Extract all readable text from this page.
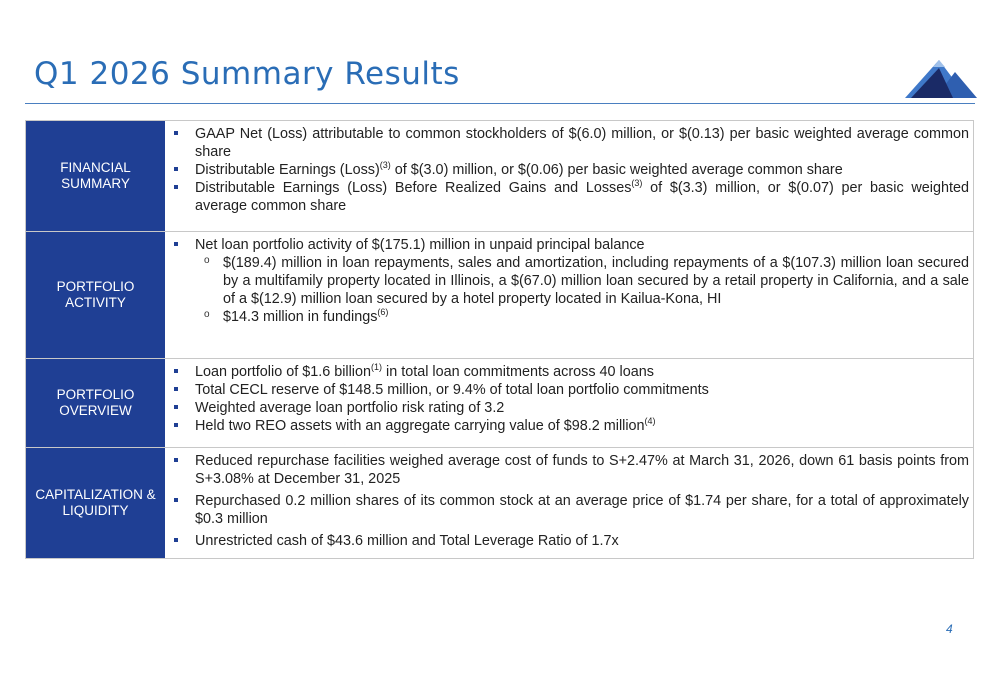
Q1 2026 Summary Results
FINANCIAL SUMMARY
GAAP Net (Loss) attributable to common stockholders of $(6.0) million, or $(0.13) per basic weighted average common share
Distributable Earnings (Loss)$^{(3)}$ of $(3.0) million, or $(0.06) per basic weighted average common share
Distributable Earnings (Loss) Before Realized Gains and Losses$^{(3)}$ of $(3.3) million, or $(0.07) per basic weighted average common share
PORTFOLIO ACTIVITY
Net loan portfolio activity of $(175.1) million in unpaid principal balance
o $(189.4) million in loan repayments, sales and amortization, including repayments of a $(107.3) million loan secured by a multifamily property located in Illinois, a $(67.0) million loan secured by a retail property in California, and a sale of a $(12.9) million loan secured by a hotel property located in Kailua-Kona, HI
o $14.3 million in fundings$^{(6)}$
PORTFOLIO OVERVIEW
Loan portfolio of $1.6 billion$^{(1)}$ in total loan commitments across 40 loans
Total CECL reserve of $148.5 million, or 9.4% of total loan portfolio commitments
Weighted average loan portfolio risk rating of 3.2
Held two REO assets with an aggregate carrying value of $98.2 million$^{(4)}$
CAPITALIZATION & LIQUIDITY
Reduced repurchase facilities weighed average cost of funds to S+2.47% at March 31, 2026, down 61 basis points from S+3.08% at December 31, 2025
Repurchased 0.2 million shares of its common stock at an average price of $1.74 per share, for a total of approximately $0.3 million
Unrestricted cash of $43.6 million and Total Leverage Ratio of 1.7x
4
